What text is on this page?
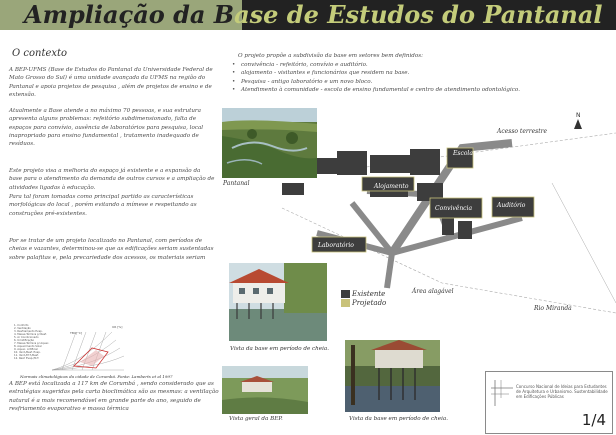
Ampliação da Base de Estudos do Pantanal
O contexto
A BEP-UFMS (Base de Estudos do Pantanal da Universidade Federal de Mato Grosso do Sul) é uma unidade avançada da UFMS na região do Pantanal e apoia projetos de pesquisa , além de projetos de ensino e de extensão.
Atualmente a Base atende a no máximo 70 pessoas, e sua estrutura apresenta alguns problemas: refeitório subdimensionado, falta de espaços para convívio, ausência de laboratórios para pesquisa, local inapropriado para ensino fundamental , tratamento inadequado de resíduos.
Este projeto visa a melhoria do espaço já existente e a expansão da base para o atendimento da demanda de outros cursos e a ampliação de atividades ligadas à educação.
Para tal foram tomadas como principal partido as características morfológicas do local , porém evitando a mímese e respeitando as construções pré-existentes.
Por se tratar de um projeto localizado no Pantanal, com períodos de cheias e vazantes, determinou-se que as edificações seriam sustentadas sobre palafitas e, pela precariedade dos acessos, os materiais seriam
1. Conforto
2. Ventilação
3. Resfriamento Evap.
4. Massa Térmica p/ Resf.
5. Ar Condicionado
6. Umidificação
7. Massa Térmica p/ Aquec.
8. Aquecimento Solar
9. Aquec. Artificial
10. Vent./Resf. Evap.
11. Vent./M.T./Resf.
12. Resf. Evap./M.T.
TBU[°C]
UR [%]
Normais climatológicas da cidade de Corumbá. Fonte: Lamberts et al 1997
A BEP está localizada a 117 km de Corumbá , sendo considerado que as estratégias sugeridas pela carta bioclimática são as mesmas: a ventilação natural é a mais recomendável em grande parte do ano, seguido de resfriamento evaporativo e massa térmica
O projeto propõe a subdivisão da base em setores bem definidos:
• convivência - refeitório, convívio e auditório.
• alojamento - visitantes e funcionários que residem na base.
• Pesquisa - antigo laboratório e um novo bloco.
• Atendimento à comunidade - escola de ensino fundamental e centro de atendimento odontológico.
Pantanal
N
Acesso terrestre
Escola
Alojamento
Convivência	Auditório
Laboratório
Área alagável
Rio Miranda
Existente
Projetado
Vista da base em período de cheia.
Vista geral da BEP.	Vista da base em período de cheia.
Concurso Nacional de Ideias para Estudantes de Arquitetura e Urbanismo. Sustentabilidade em Edificações Públicas
1/4
